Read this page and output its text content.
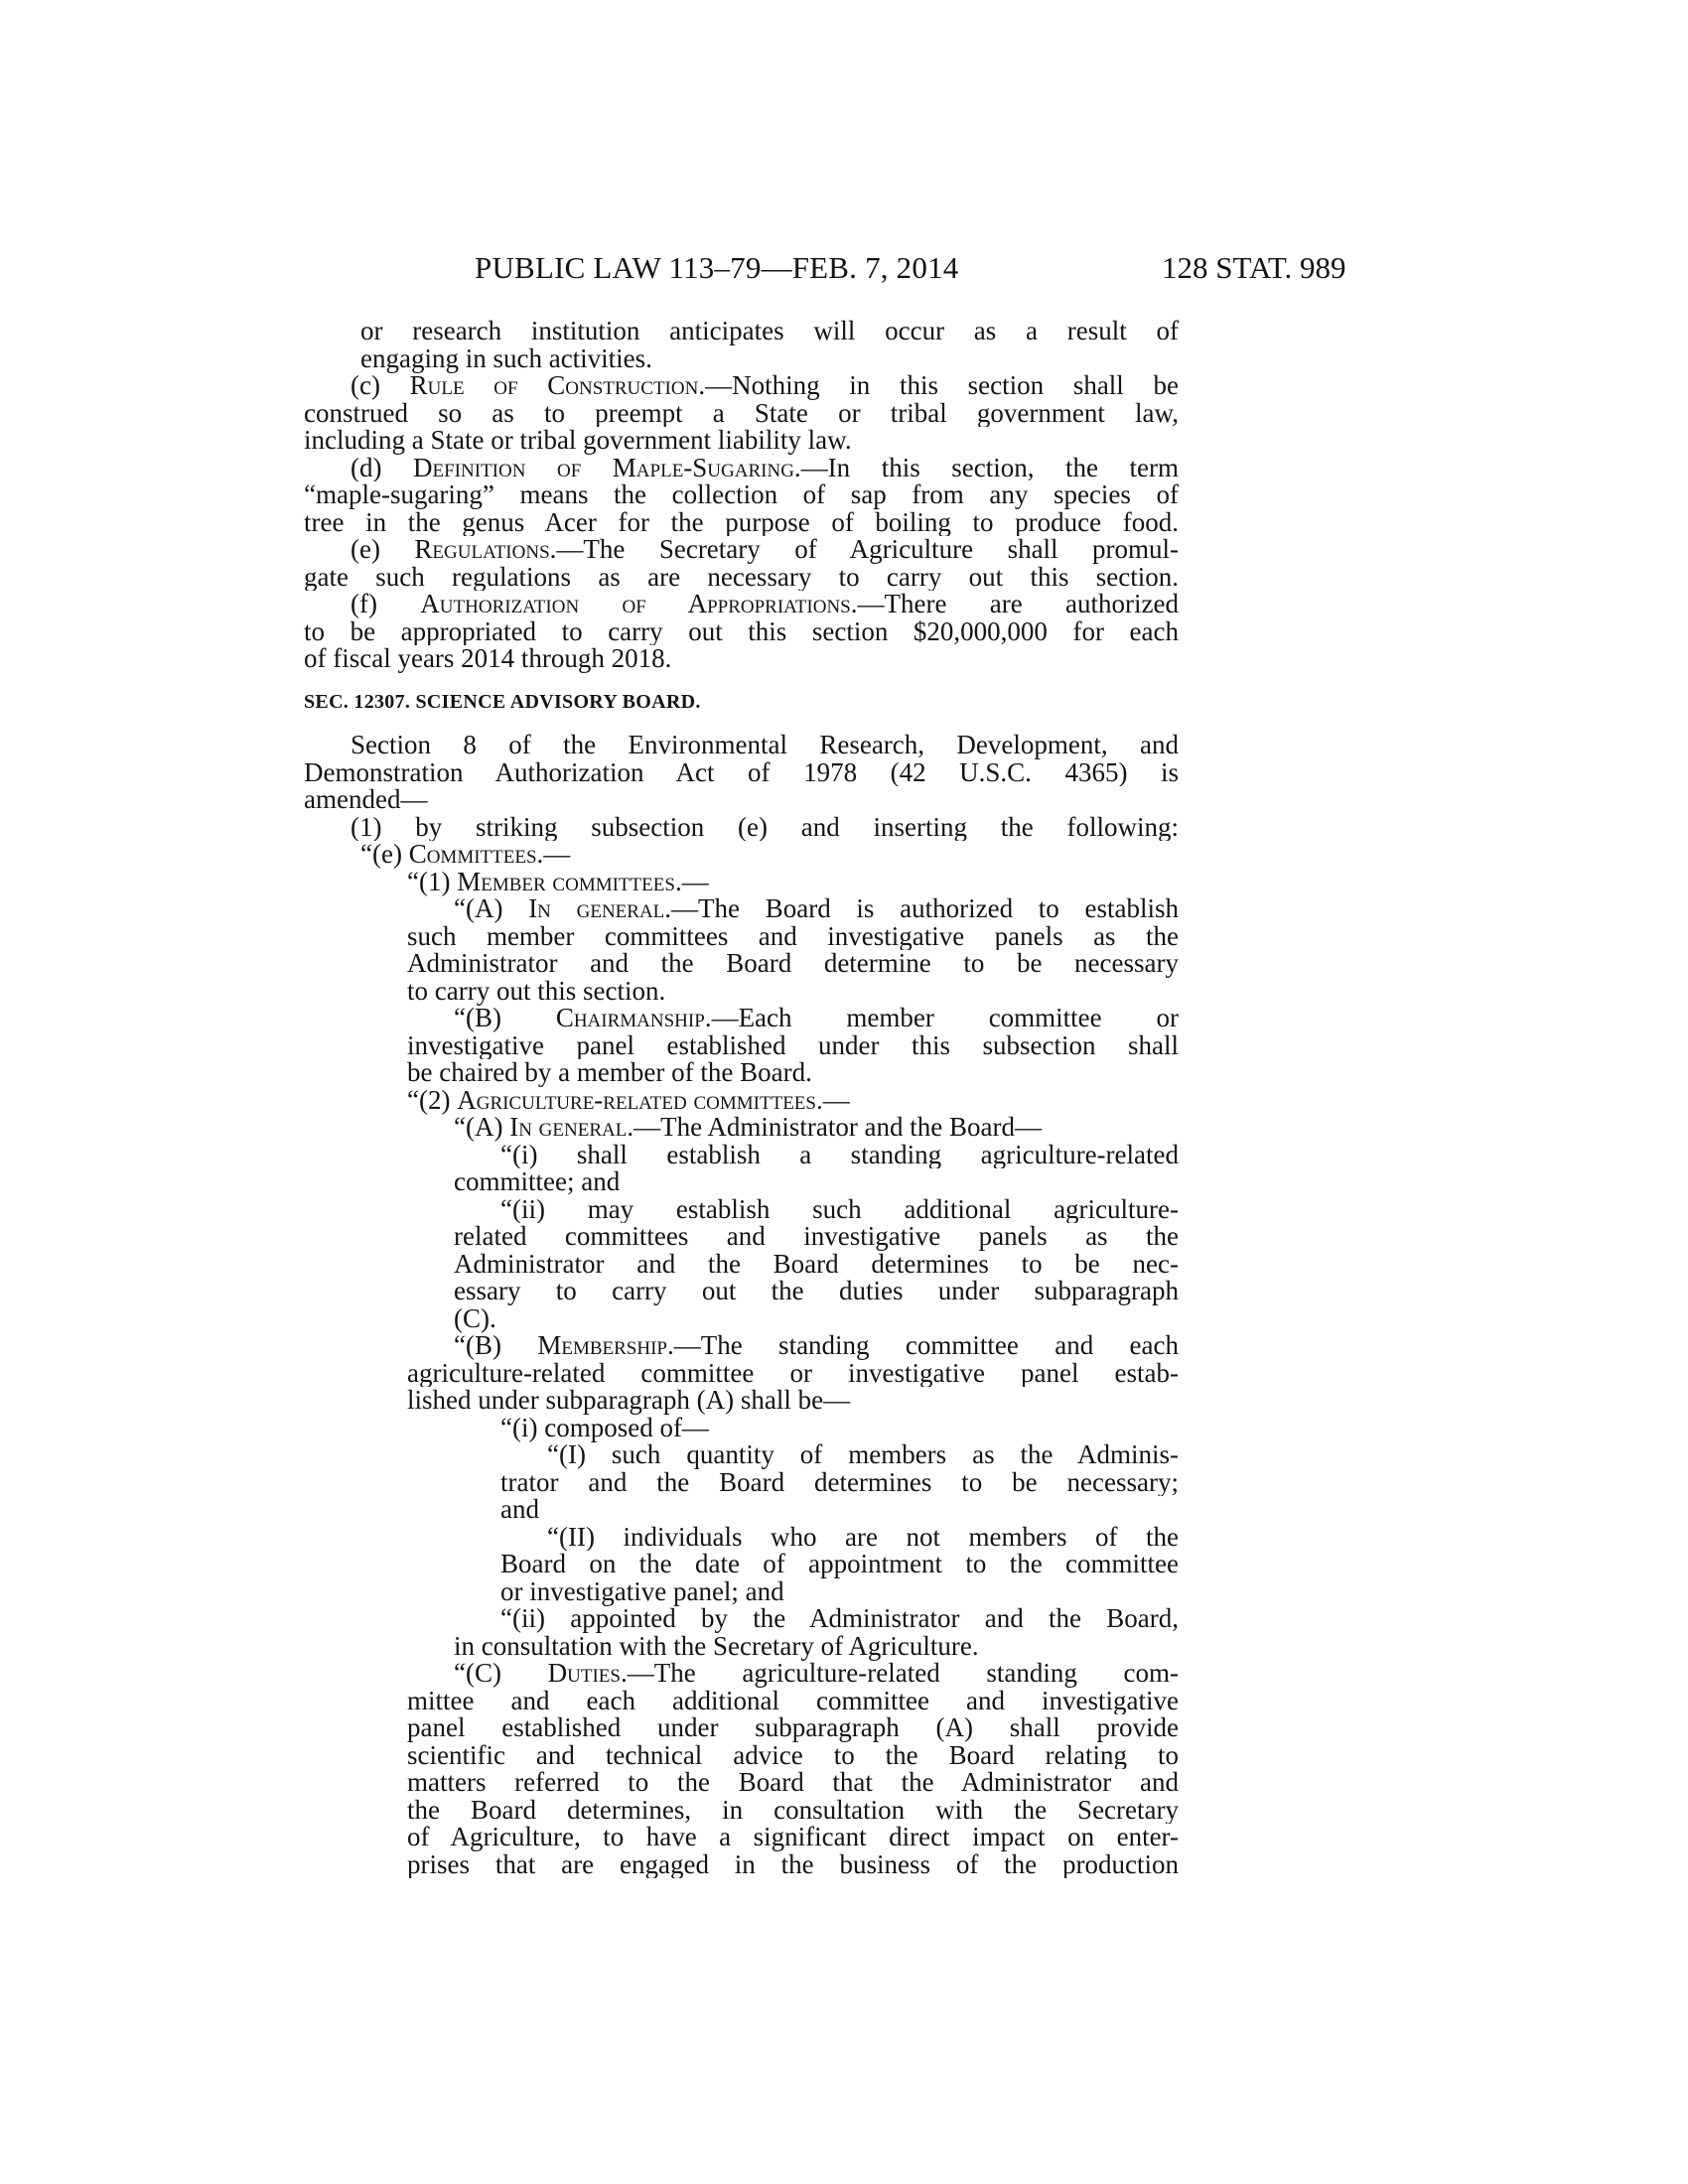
PUBLIC LAW 113–79—FEB. 7, 2014	128 STAT. 989
or research institution anticipates will occur as a result of
engaging in such activities.
(c) Rule of Construction.—Nothing in this section shall be
construed so as to preempt a State or tribal government law,
including a State or tribal government liability law.
(d) Definition of Maple-Sugaring.—In this section, the term
“maple-sugaring” means the collection of sap from any species of
tree in the genus Acer for the purpose of boiling to produce food.
(e) Regulations.—The Secretary of Agriculture shall promul-
gate such regulations as are necessary to carry out this section.
(f) Authorization of Appropriations.—There are authorized
to be appropriated to carry out this section $20,000,000 for each
of fiscal years 2014 through 2018.
SEC. 12307. SCIENCE ADVISORY BOARD.
Section 8 of the Environmental Research, Development, and
Demonstration Authorization Act of 1978 (42 U.S.C. 4365) is
amended—
(1) by striking subsection (e) and inserting the following:
“(e) Committees.—
“(1) Member committees.—
“(A) In general.—The Board is authorized to establish
such member committees and investigative panels as the
Administrator and the Board determine to be necessary
to carry out this section.
“(B) Chairmanship.—Each member committee or
investigative panel established under this subsection shall
be chaired by a member of the Board.
“(2) Agriculture-related committees.—
“(A) In general.—The Administrator and the Board—
“(i) shall establish a standing agriculture-related
committee; and
“(ii) may establish such additional agriculture-
related committees and investigative panels as the
Administrator and the Board determines to be nec-
essary to carry out the duties under subparagraph
(C).
“(B) Membership.—The standing committee and each
agriculture-related committee or investigative panel estab-
lished under subparagraph (A) shall be—
“(i) composed of—
“(I) such quantity of members as the Adminis-
trator and the Board determines to be necessary;
and
“(II) individuals who are not members of the
Board on the date of appointment to the committee
or investigative panel; and
“(ii) appointed by the Administrator and the Board,
in consultation with the Secretary of Agriculture.
“(C) Duties.—The agriculture-related standing com-
mittee and each additional committee and investigative
panel established under subparagraph (A) shall provide
scientific and technical advice to the Board relating to
matters referred to the Board that the Administrator and
the Board determines, in consultation with the Secretary
of Agriculture, to have a significant direct impact on enter-
prises that are engaged in the business of the production
